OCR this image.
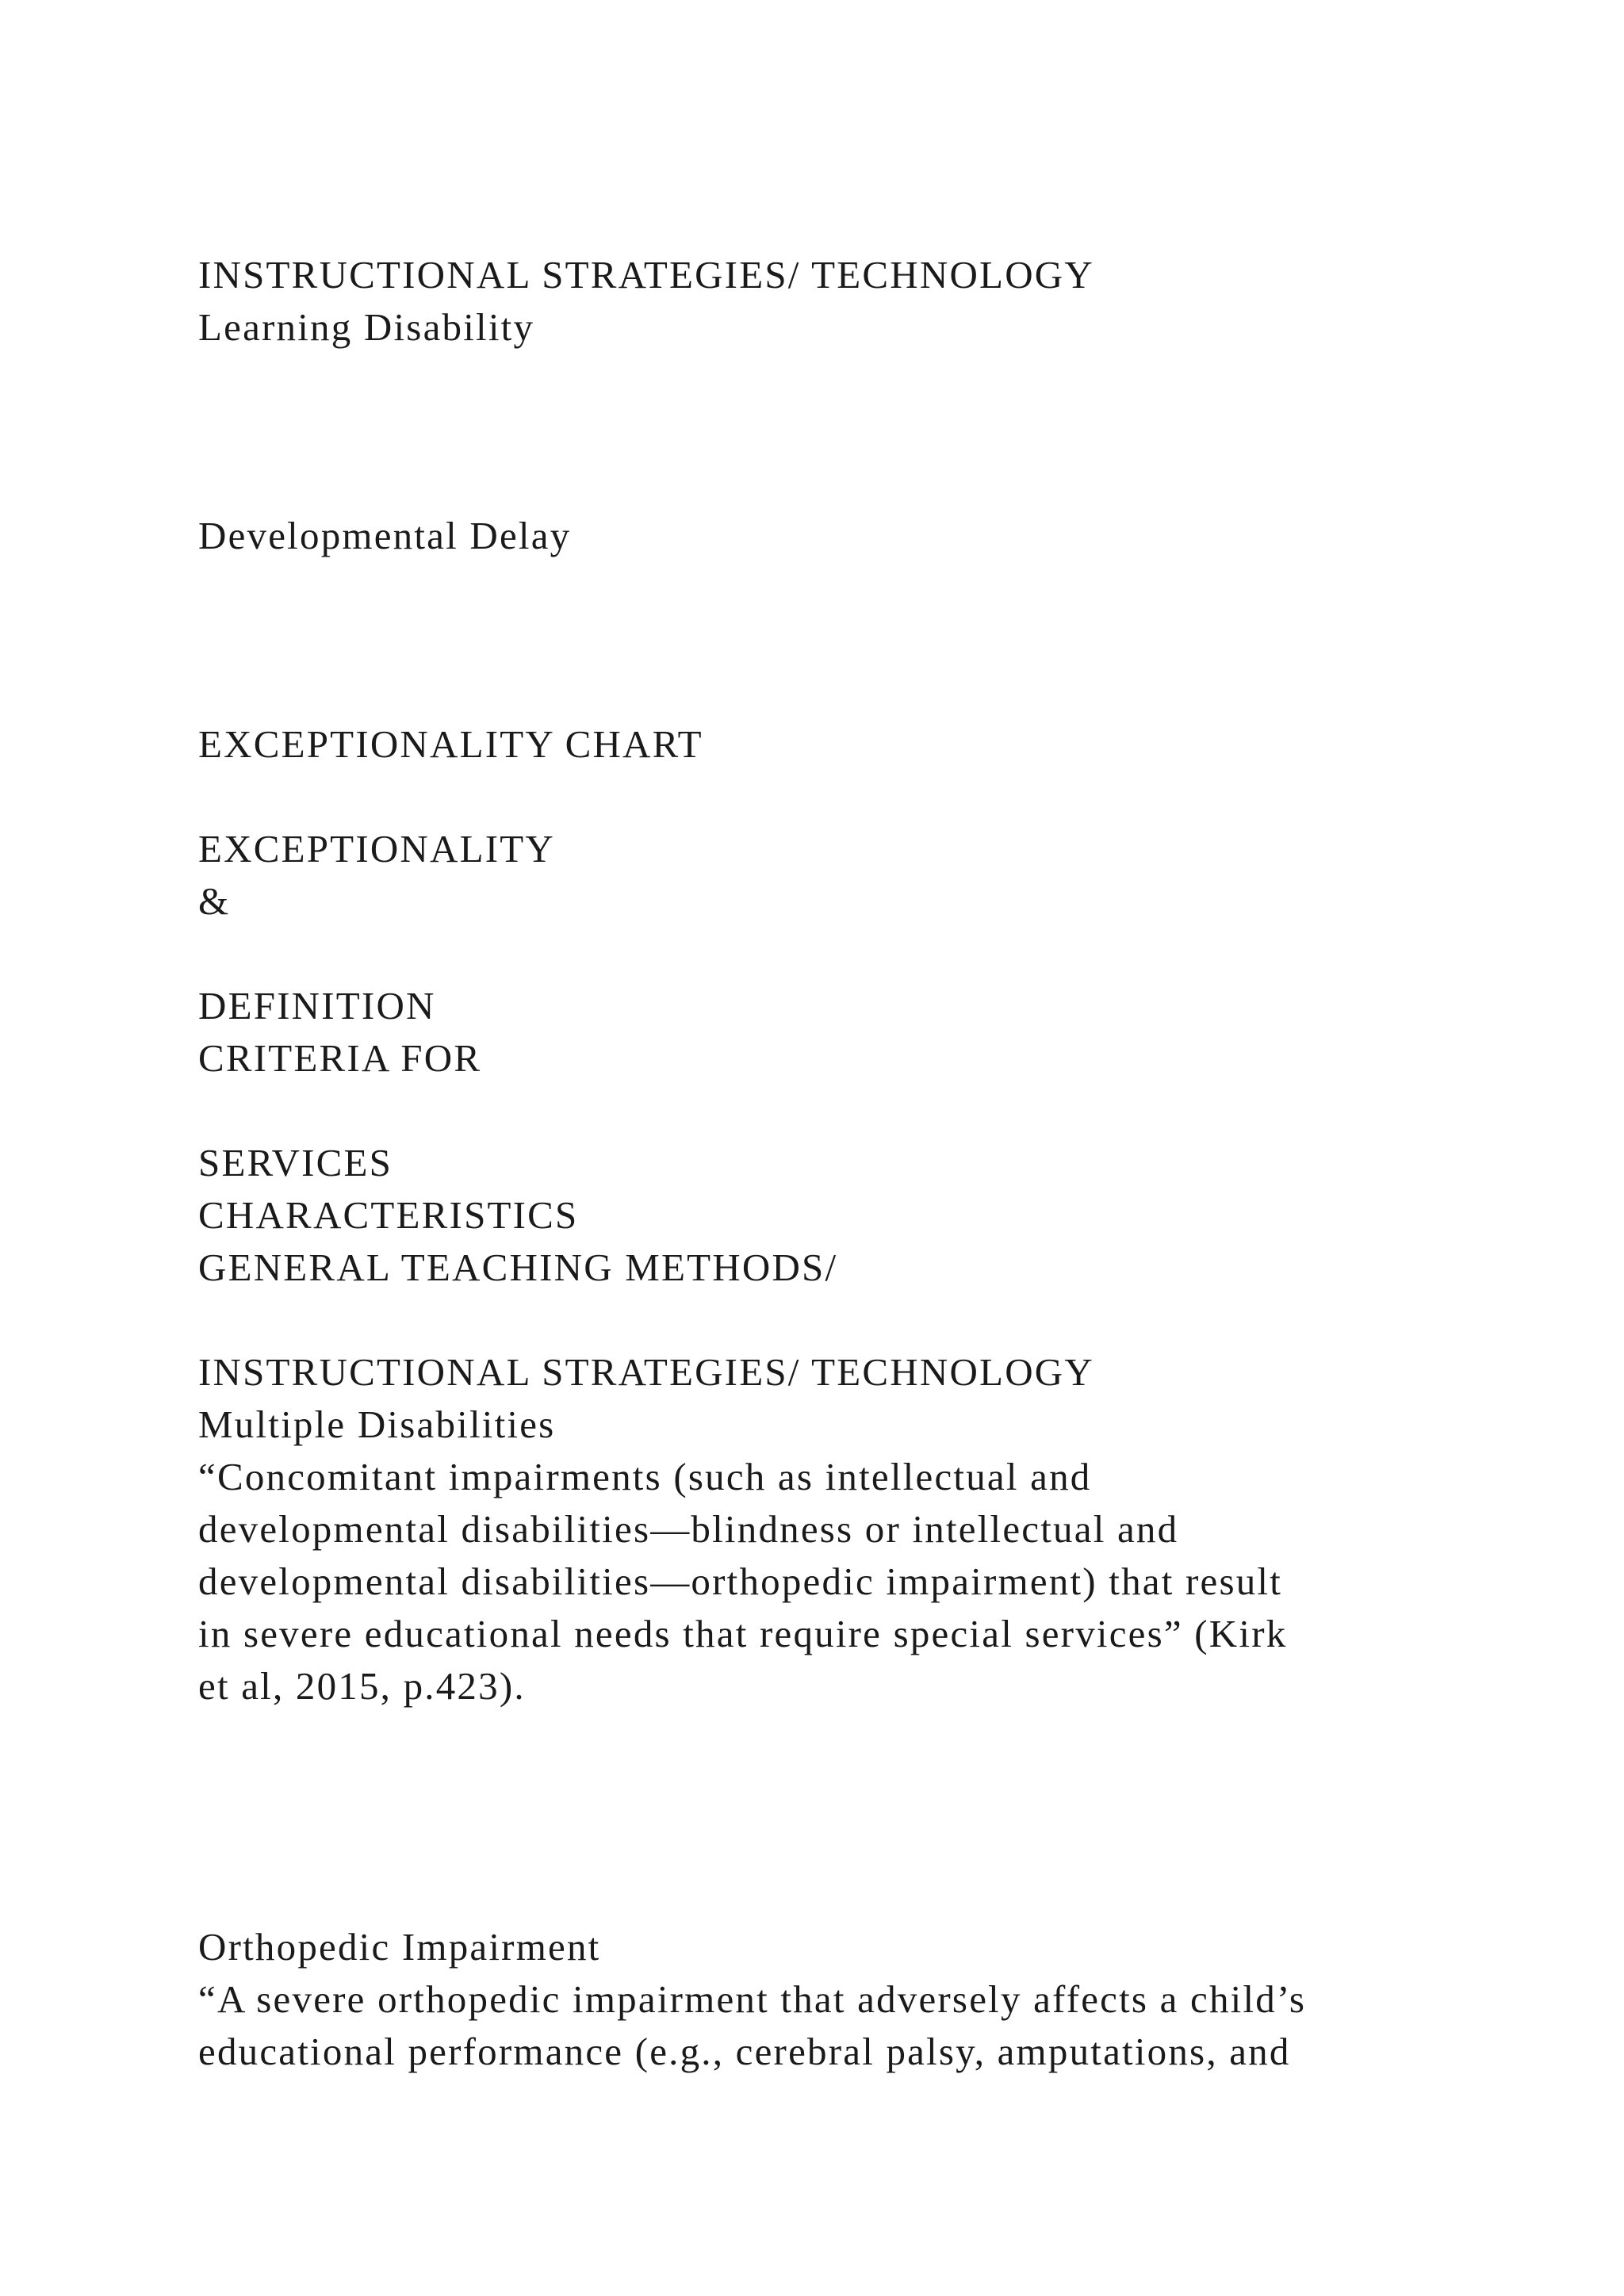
INSTRUCTIONAL STRATEGIES/ TECHNOLOGY

Learning Disability

Developmental Delay

EXCEPTIONALITY CHART

EXCEPTIONALITY

&

DEFINITION

CRITERIA FOR

SERVICES

CHARACTERISTICS

GENERAL TEACHING METHODS/

INSTRUCTIONAL STRATEGIES/ TECHNOLOGY

Multiple Disabilities

“Concomitant impairments (such as intellectual and

developmental disabilities—blindness or intellectual and

developmental disabilities—orthopedic impairment) that result

in severe educational needs that require special services” (Kirk

et al, 2015, p.423).

Orthopedic Impairment

“A severe orthopedic impairment that adversely affects a child’s

educational performance (e.g., cerebral palsy, amputations, and
